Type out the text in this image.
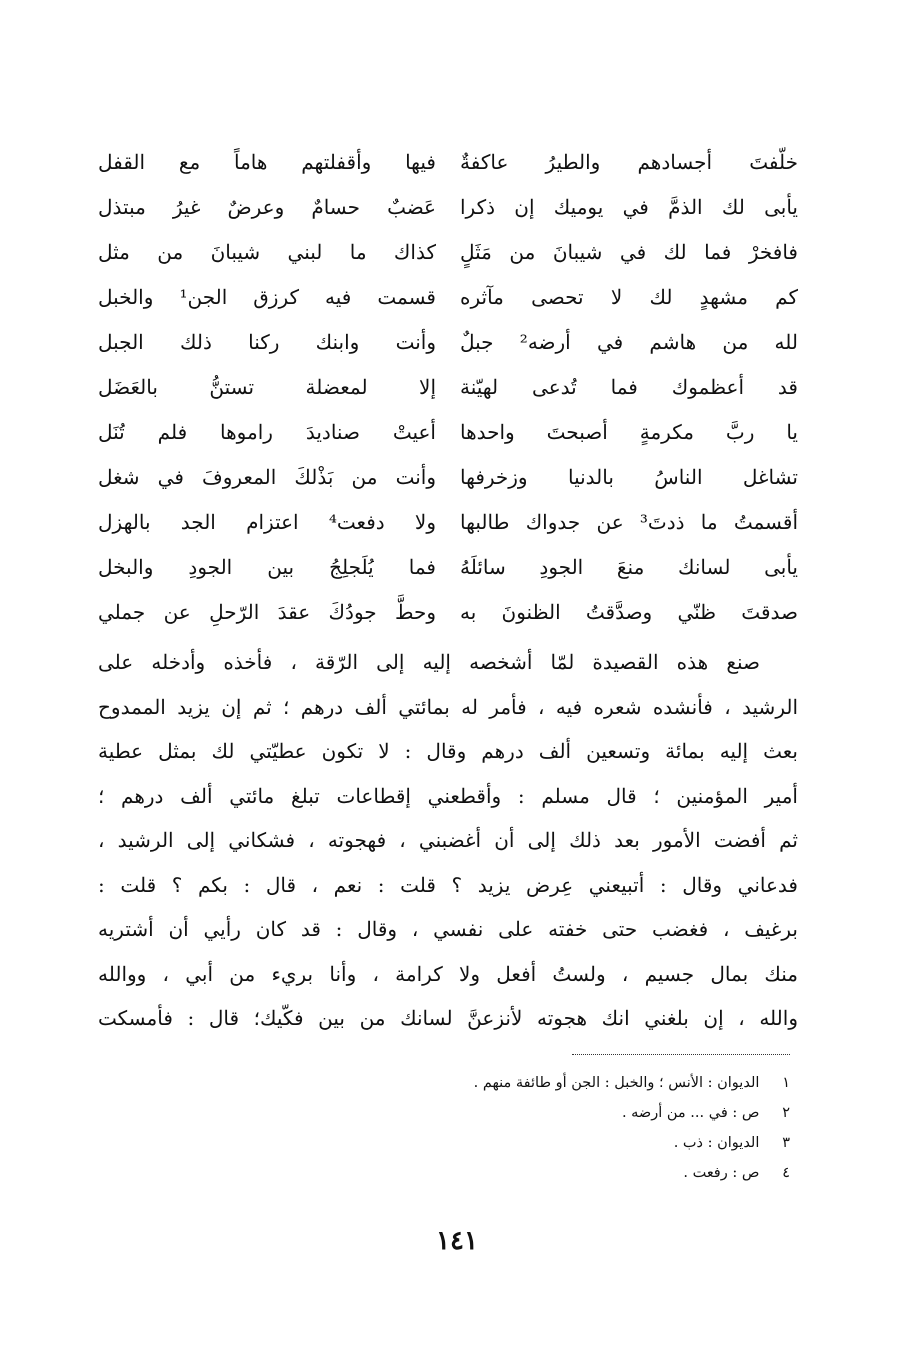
خلّفتَ أجسادهم والطيرُ عاكفةٌ
فيها وأقفلتهم هاماً مع القفل
يأبى لك الذمَّ في يوميك إن ذكرا
عَضبٌ حسامٌ وعرضٌ غيرُ مبتذل
فافخرْ فما لك في شيبانَ من مَثَلٍ
كذاك ما لبني شيبانَ من مثل
كم مشهدٍ لك لا تحصى مآثره
قسمت فيه كرزق الجن¹ والخبل
لله من هاشم في أرضه² جبلٌ
وأنت وابنك ركنا ذلك الجبل
قد أعظموك فما تُدعى لهيّنة
إلا لمعضلة تستنُّ بالعَضَل
يا ربَّ مكرمةٍ أصبحتَ واحدها
أعيتْ صناديدَ راموها فلم تُنَل
تشاغل الناسُ بالدنيا وزخرفها
وأنت من بَذْلكَ المعروفَ في شغل
أقسمتُ ما ذدتَ³ عن جدواك طالبها
ولا دفعت⁴ اعتزام الجد بالهزل
يأبى لسانك منعَ الجودِ سائلَهُ
فما يُلَجلِجُ بين الجودِ والبخل
صدقتَ ظنّي وصدَّقتُ الظنونَ به
وحطَّ جودُكَ عقدَ الرّحلِ عن جملي
صنع هذه القصيدة لمّا أشخصه إليه إلى الرّقة ، فأخذه وأدخله على
الرشيد ، فأنشده شعره فيه ، فأمر له بمائتي ألف درهم ؛ ثم إن يزيد الممدوح
بعث إليه بمائة وتسعين ألف درهم وقال : لا تكون عطيّتي لك بمثل عطية
أمير المؤمنين ؛ قال مسلم : وأقطعني إقطاعات تبلغ مائتي ألف درهم ؛
ثم أفضت الأمور بعد ذلك إلى أن أغضبني ، فهجوته ، فشكاني إلى الرشيد ،
فدعاني وقال : أتبيعني عِرض يزيد ؟ قلت : نعم ، قال : بكم ؟ قلت :
برغيف ، فغضب حتى خفته على نفسي ، وقال : قد كان رأيي أن أشتريه
منك بمال جسيم ، ولستُ أفعل ولا كرامة ، وأنا بريء من أبي ، ووالله
والله ، إن بلغني انك هجوته لأنزعنَّ لسانك من بين فكّيك؛ قال : فأمسكت
١ الديوان : الأنس ؛ والخبل : الجن أو طائفة منهم .
٢ ص : في ... من أرضه .
٣ الديوان : ذب .
٤ ص : رفعت .
١٤١
